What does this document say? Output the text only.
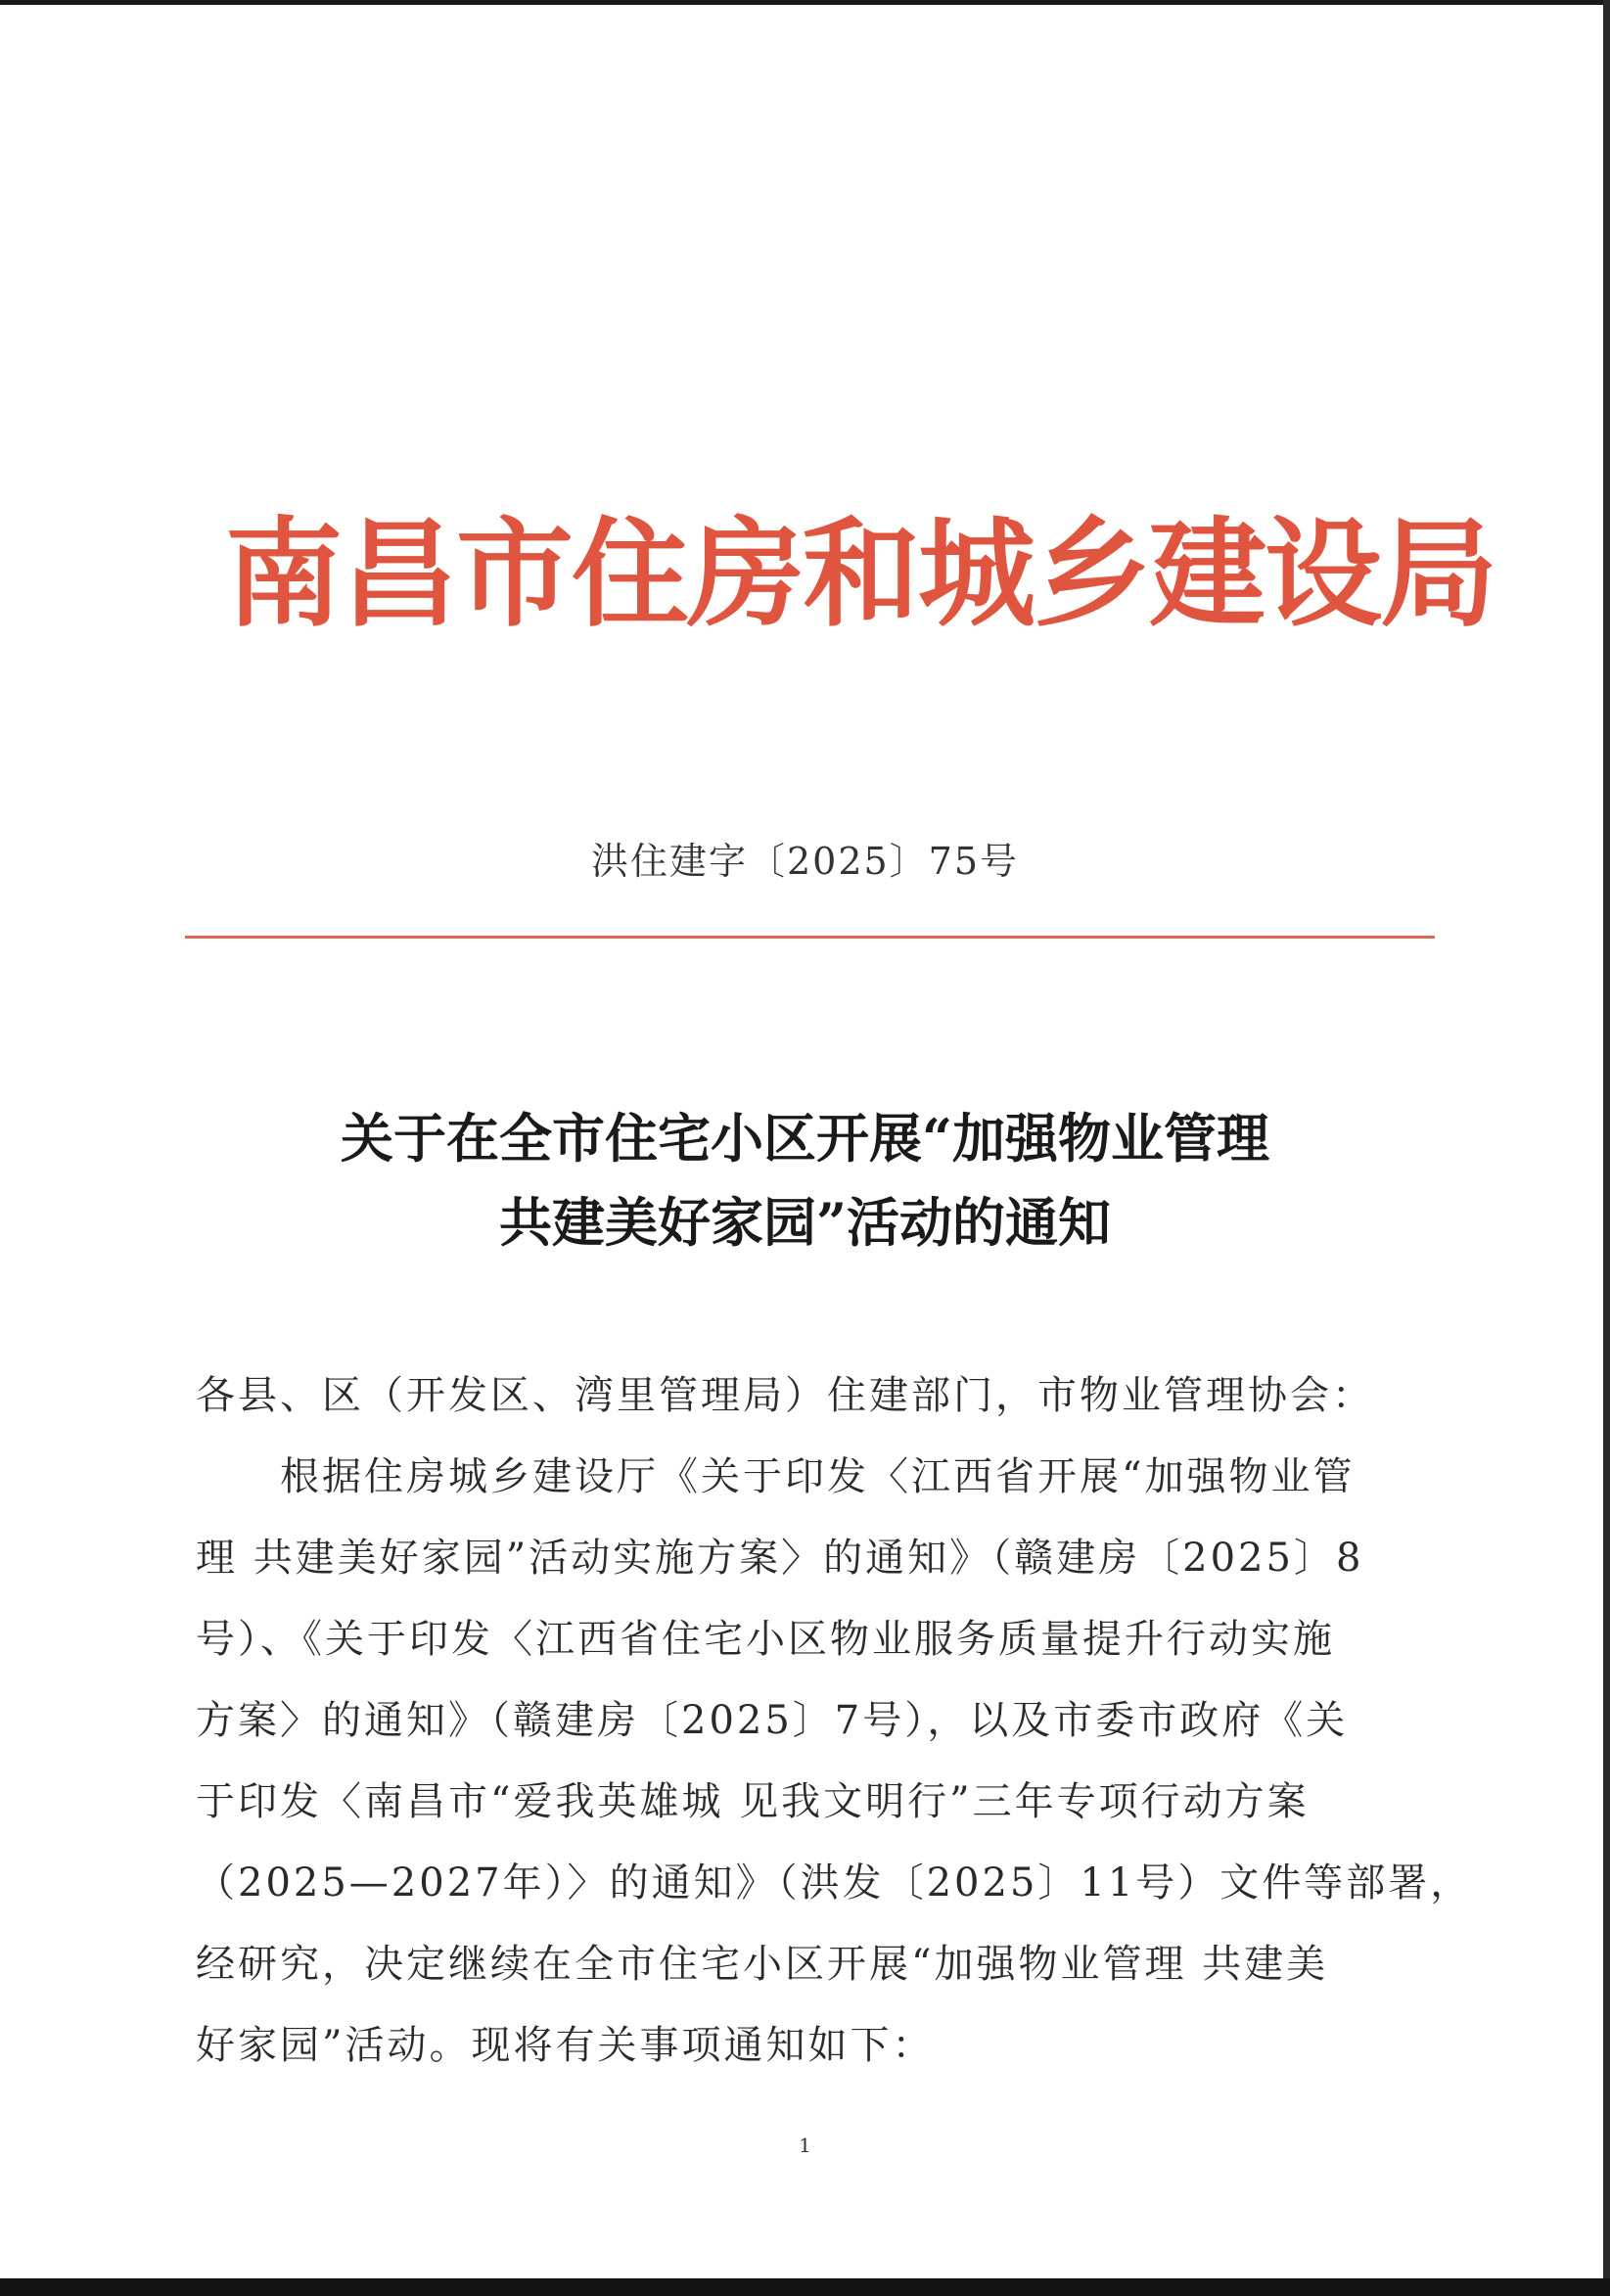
南昌市住房和城乡建设局
洪住建字〔2025〕75号
关于在全市住宅小区开展“加强物业管理
共建美好家园”活动的通知
各县、区（开发区、湾里管理局）住建部门，市物业管理协会：
　　根据住房城乡建设厅《关于印发〈江西省开展“加强物业管
理 共建美好家园”活动实施方案〉的通知》（赣建房〔2025〕8
号）、《关于印发〈江西省住宅小区物业服务质量提升行动实施
方案〉的通知》（赣建房〔2025〕7号），以及市委市政府《关
于印发〈南昌市“爱我英雄城 见我文明行”三年专项行动方案
（2025—2027年）〉的通知》（洪发〔2025〕11号）文件等部署，
经研究，决定继续在全市住宅小区开展“加强物业管理 共建美
好家园”活动。现将有关事项通知如下：
1
